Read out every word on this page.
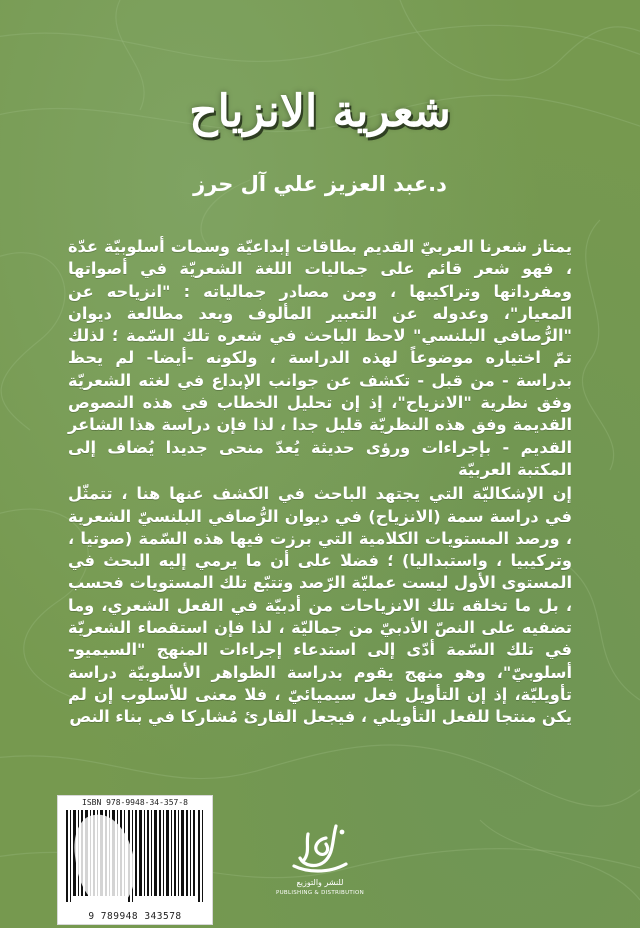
شعرية الانزياح
د.عبد العزيز علي آل حرز

يمتاز شعرنا العربيّ القديم بطاقات إبداعيّة وسمات أسلوبيّة عدّة ، فهو شعر قائم على جماليات اللغة الشعريّة في أصواتها ومفرداتها وتراكيبها ، ومن مصادر جمالياته : "انزياحه عن المعيار"، وعدوله عن التعبير المألوف وبعد مطالعة ديوان "الرُّصافي البلنسي" لاحظ الباحث في شعره تلك السّمة ؛ لذلك تمّ اختياره موضوعاً لهذه الدراسة ، ولكونه -أيضا- لم يحظ بدراسة - من قبل - تكشف عن جوانب الإبداع في لغته الشعريّة وفق نظرية "الانزياح"، إذ إن تحليل الخطاب في هذه النصوص القديمة وفق هذه النظريّة قليل جدا ، لذا فإن دراسة هذا الشاعر القديم - بإجراءات ورؤى حديثة يُعدّ منحى جديدا يُضاف إلى المكتبة العربيّة

إن الإشكاليّة التي يجتهد الباحث في الكشف عنها هنا ، تتمثّل في دراسة سمة (الانزياح) في ديوان الرُّصافي البلنسيّ الشعرية ، ورصد المستويات الكلامية التي برزت فيها هذه السّمة (صوتيا ، وتركيبيا ، واستبداليا) ؛ فضلا على أن ما يرمي إليه البحث في المستوى الأول ليست عمليّة الرّصد وتتبّع تلك المستويات فحسب ، بل ما تخلقه تلك الانزياحات من أدبيّة في الفعل الشعري، وما تضفيه على النصّ الأدبيّ من جماليّة ، لذا فإن استقصاء الشعريّة في تلك السّمة أدّى إلى استدعاء إجراءات المنهج "السيميو- أسلوبيّ"، وهو منهج يقوم بدراسة الظواهر الأسلوبيّة دراسة تأويليّة، إذ إن التأويل فعل سيميائيّ ، فلا معنى للأسلوب إن لم يكن منتجا للفعل التأويلي ، فيجعل القارئ مُشاركا في بناء النص

ISBN 978-9948-34-357-8
9 789948 343578
للنشر والتوزيع
PUBLISHING & DISTRIBUTION
